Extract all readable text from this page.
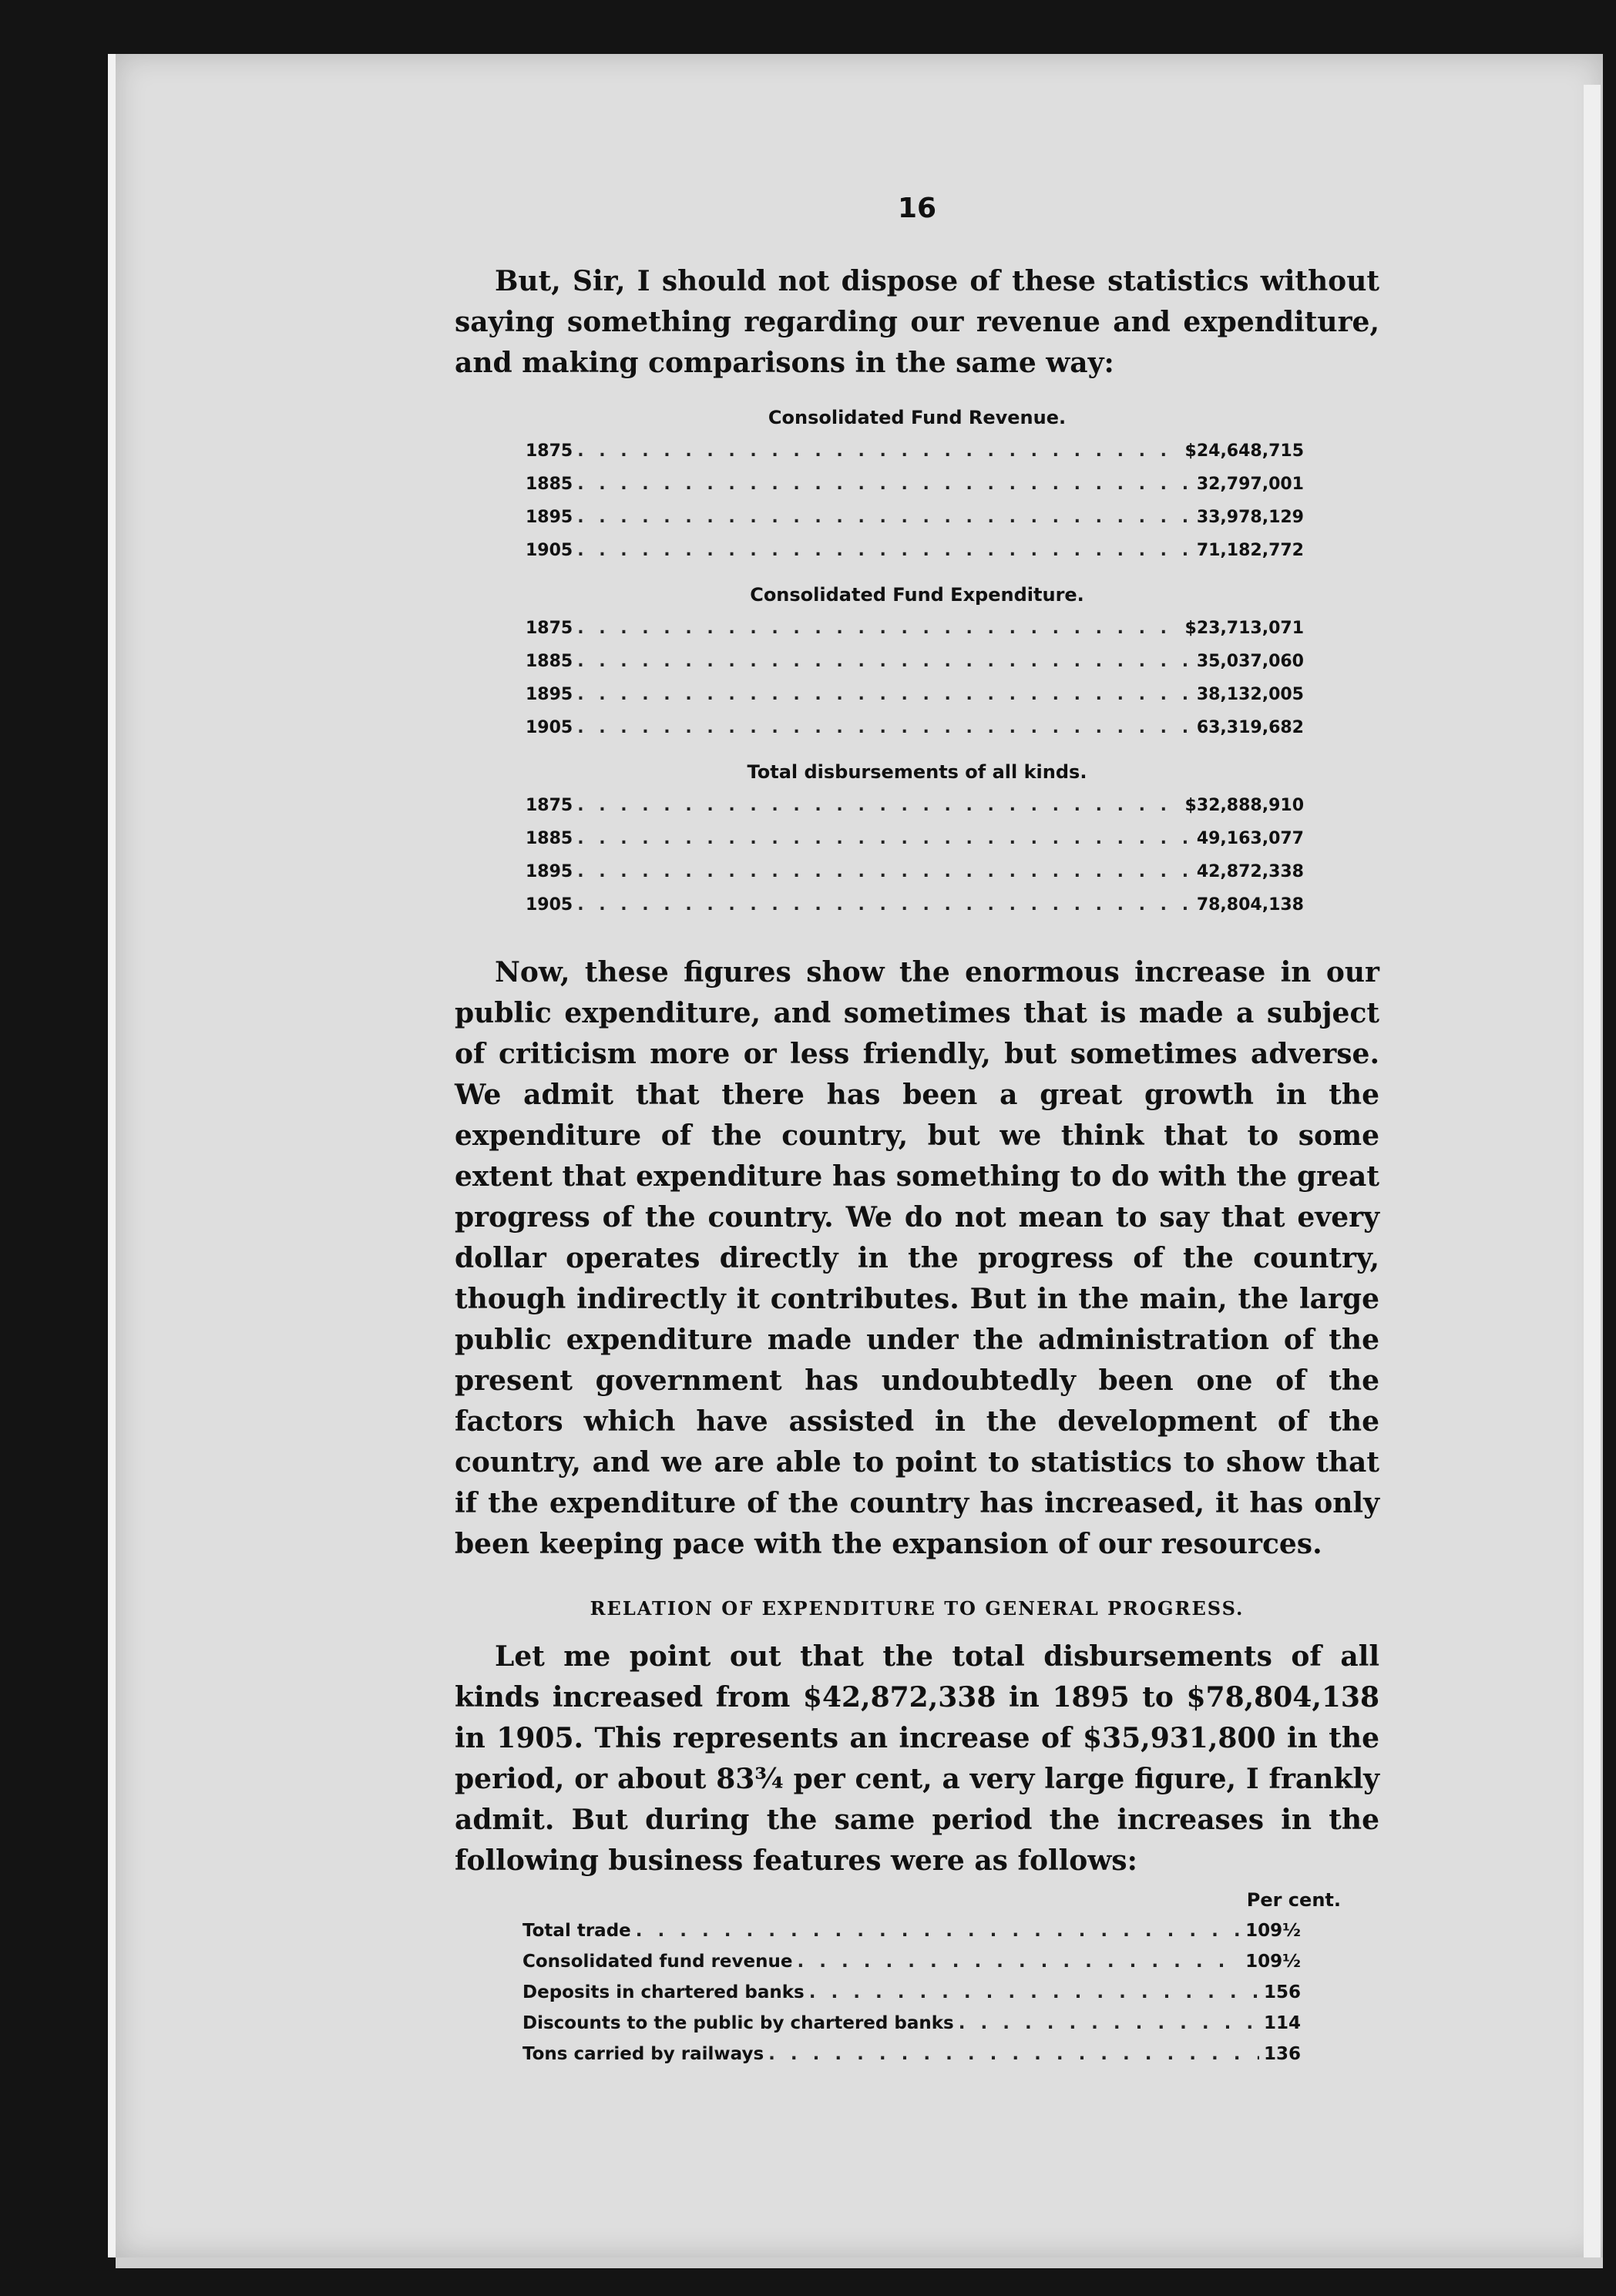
16

But, Sir, I should not dispose of these statistics without saying something regarding our revenue and expenditure, and making comparisons in the same way:

Consolidated Fund Revenue.
1875 . . .	$24,648,715
1885 . . .	32,797,001
1895 . . .	33,978,129
1905 . . .	71,182,772
Consolidated Fund Expenditure.
1875 . . .	$23,713,071
1885 . . .	35,037,060
1895 . . .	38,132,005
1905 . . .	63,319,682
Total disbursements of all kinds.
1875 . . .	$32,888,910
1885 . . .	49,163,077
1895 . . .	42,872,338
1905 . . .	78,804,138

Now, these figures show the enormous increase in our public expenditure, and sometimes that is made a subject of criticism more or less friendly, but sometimes adverse. We admit that there has been a great growth in the expenditure of the country, but we think that to some extent that expenditure has something to do with the great progress of the country. We do not mean to say that every dollar operates directly in the progress of the country, though indirectly it contributes. But in the main, the large public expenditure made under the administration of the present government has undoubtedly been one of the factors which have assisted in the development of the country, and we are able to point to statistics to show that if the expenditure of the country has increased, it has only been keeping pace with the expansion of our resources.

RELATION OF EXPENDITURE TO GENERAL PROGRESS.

Let me point out that the total disbursements of all kinds increased from $42,872,338 in 1895 to $78,804,138 in 1905. This represents an increase of $35,931,800 in the period, or about 83¾ per cent, a very large figure, I frankly admit. But during the same period the increases in the following business features were as follows:

Per cent.
Total trade . . .	109½
Consolidated fund revenue . . .	109½
Deposits in chartered banks . . .	156
Discounts to the public by chartered banks . . .	114
Tons carried by railways . . .	136
